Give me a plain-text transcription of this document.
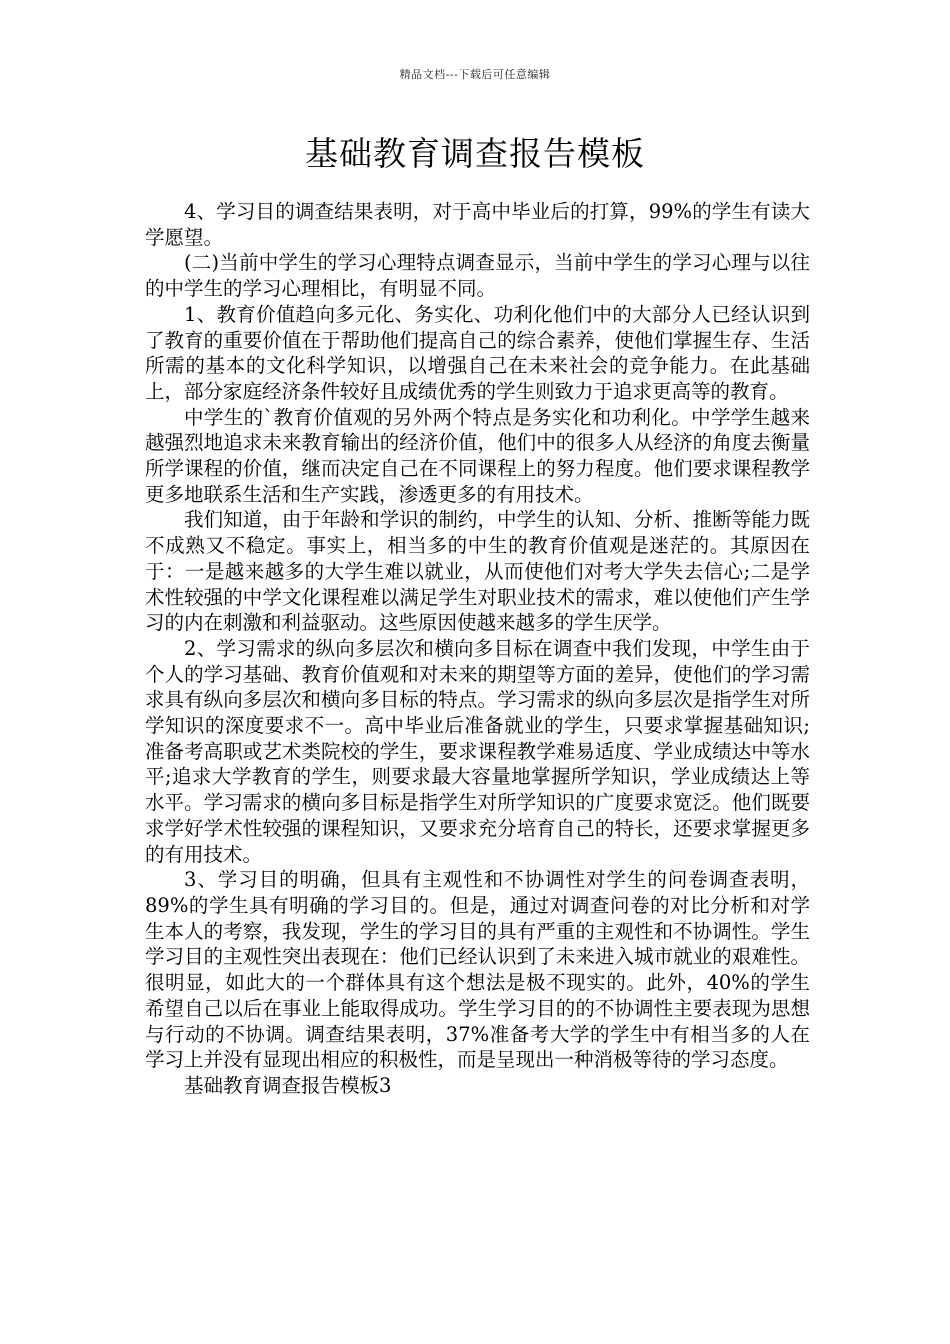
精品文档---下载后可任意编辑
基础教育调查报告模板

4、学习目的调查结果表明，对于高中毕业后的打算，99%的学生有读大学愿望。

(二)当前中学生的学习心理特点调查显示，当前中学生的学习心理与以往的中学生的学习心理相比，有明显不同。

1、教育价值趋向多元化、务实化、功利化他们中的大部分人已经认识到了教育的重要价值在于帮助他们提高自己的综合素养，使他们掌握生存、生活所需的基本的文化科学知识，以增强自己在未来社会的竞争能力。在此基础上，部分家庭经济条件较好且成绩优秀的学生则致力于追求更高等的教育。

中学生的`教育价值观的另外两个特点是务实化和功利化。中学学生越来越强烈地追求未来教育输出的经济价值，他们中的很多人从经济的角度去衡量所学课程的价值，继而决定自己在不同课程上的努力程度。他们要求课程教学更多地联系生活和生产实践，渗透更多的有用技术。

我们知道，由于年龄和学识的制约，中学生的认知、分析、推断等能力既不成熟又不稳定。事实上，相当多的中生的教育价值观是迷茫的。其原因在于：一是越来越多的大学生难以就业，从而使他们对考大学失去信心;二是学术性较强的中学文化课程难以满足学生对职业技术的需求，难以使他们产生学习的内在刺激和利益驱动。这些原因使越来越多的学生厌学。

2、学习需求的纵向多层次和横向多目标在调查中我们发现，中学生由于个人的学习基础、教育价值观和对未来的期望等方面的差异，使他们的学习需求具有纵向多层次和横向多目标的特点。学习需求的纵向多层次是指学生对所学知识的深度要求不一。高中毕业后准备就业的学生，只要求掌握基础知识;准备考高职或艺术类院校的学生，要求课程教学难易适度、学业成绩达中等水平;追求大学教育的学生，则要求最大容量地掌握所学知识，学业成绩达上等水平。学习需求的横向多目标是指学生对所学知识的广度要求宽泛。他们既要求学好学术性较强的课程知识，又要求充分培育自己的特长，还要求掌握更多的有用技术。

3、学习目的明确，但具有主观性和不协调性对学生的问卷调查表明，89%的学生具有明确的学习目的。但是，通过对调查问卷的对比分析和对学生本人的考察，我发现，学生的学习目的具有严重的主观性和不协调性。学生学习目的主观性突出表现在：他们已经认识到了未来进入城市就业的艰难性。很明显，如此大的一个群体具有这个想法是极不现实的。此外，40%的学生希望自己以后在事业上能取得成功。学生学习目的的不协调性主要表现为思想与行动的不协调。调查结果表明，37%准备考大学的学生中有相当多的人在学习上并没有显现出相应的积极性，而是呈现出一种消极等待的学习态度。

基础教育调查报告模板3
